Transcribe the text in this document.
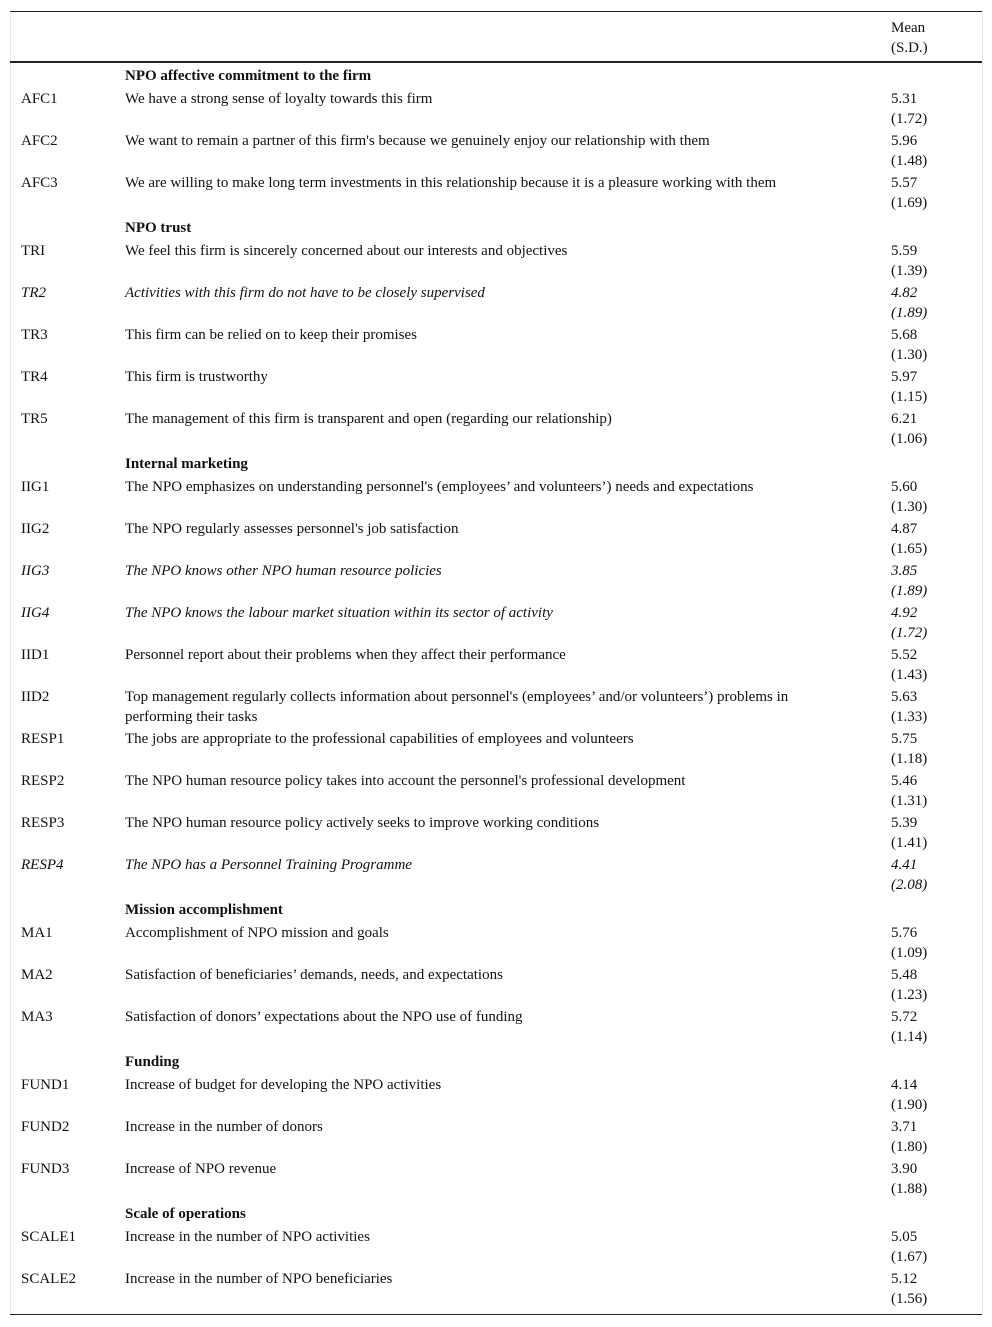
Mean
(S.D.)
NPO affective commitment to the firm
AFC1	We have a strong sense of loyalty towards this firm	5.31
(1.72)
AFC2	We want to remain a partner of this firm's because we genuinely enjoy our relationship with them	5.96
(1.48)
AFC3	We are willing to make long term investments in this relationship because it is a pleasure working with them	5.57
(1.69)
NPO trust
TRI	We feel this firm is sincerely concerned about our interests and objectives	5.59
(1.39)
TR2	Activities with this firm do not have to be closely supervised	4.82
(1.89)
TR3	This firm can be relied on to keep their promises	5.68
(1.30)
TR4	This firm is trustworthy	5.97
(1.15)
TR5	The management of this firm is transparent and open (regarding our relationship)	6.21
(1.06)
Internal marketing
IIG1	The NPO emphasizes on understanding personnel's (employees’ and volunteers’) needs and expectations	5.60
(1.30)
IIG2	The NPO regularly assesses personnel's job satisfaction	4.87
(1.65)
IIG3	The NPO knows other NPO human resource policies	3.85
(1.89)
IIG4	The NPO knows the labour market situation within its sector of activity	4.92
(1.72)
IID1	Personnel report about their problems when they affect their performance	5.52
(1.43)
IID2	Top management regularly collects information about personnel's (employees’ and/or volunteers’) problems in performing their tasks
5.63
(1.33)
RESP1	The jobs are appropriate to the professional capabilities of employees and volunteers	5.75
(1.18)
RESP2	The NPO human resource policy takes into account the personnel's professional development	5.46
(1.31)
RESP3	The NPO human resource policy actively seeks to improve working conditions	5.39
(1.41)
RESP4	The NPO has a Personnel Training Programme	4.41
(2.08)
Mission accomplishment
MA1	Accomplishment of NPO mission and goals	5.76
(1.09)
MA2	Satisfaction of beneficiaries’ demands, needs, and expectations	5.48
(1.23)
MA3	Satisfaction of donors’ expectations about the NPO use of funding	5.72
(1.14)
Funding
FUND1	Increase of budget for developing the NPO activities	4.14
(1.90)
FUND2	Increase in the number of donors	3.71
(1.80)
FUND3	Increase of NPO revenue	3.90
(1.88)
Scale of operations
SCALE1	Increase in the number of NPO activities	5.05
(1.67)
SCALE2	Increase in the number of NPO beneficiaries	5.12
(1.56)
